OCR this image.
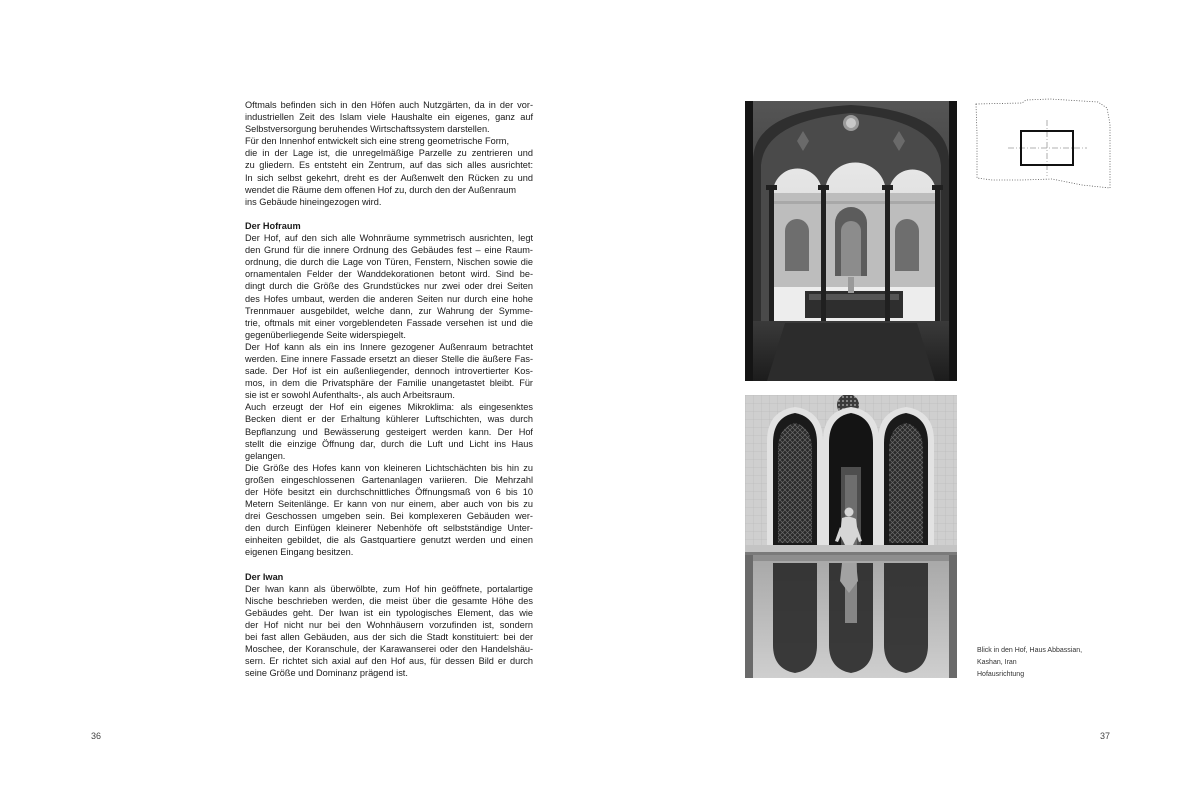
Oftmals befinden sich in den Höfen auch Nutzgärten, da in der vor-
industriellen Zeit des Islam viele Haushalte ein eigenes, ganz auf
Selbstversorgung beruhendes Wirtschaftssystem darstellen.
Für den Innenhof entwickelt sich eine streng geometrische Form,
die in der Lage ist, die unregelmäßige Parzelle zu zentrieren und
zu gliedern. Es entsteht ein Zentrum, auf das sich alles ausrichtet:
In sich selbst gekehrt, dreht es der Außenwelt den Rücken zu und
wendet die Räume dem offenen Hof zu, durch den der Außenraum
ins Gebäude hineingezogen wird.
Der Hofraum
Der Hof, auf den sich alle Wohnräume symmetrisch ausrichten, legt
den Grund für die innere Ordnung des Gebäudes fest – eine Raum-
ordnung, die durch die Lage von Türen, Fenstern, Nischen sowie die
ornamentalen Felder der Wanddekorationen betont wird. Sind be-
dingt durch die Größe des Grundstückes nur zwei oder drei Seiten
des Hofes umbaut, werden die anderen Seiten nur durch eine hohe
Trennmauer ausgebildet, welche dann, zur Wahrung der Symme-
trie, oftmals mit einer vorgeblendeten Fassade versehen ist und die
gegenüberliegende Seite widerspiegelt.
Der Hof kann als ein ins Innere gezogener Außenraum betrachtet
werden. Eine innere Fassade ersetzt an dieser Stelle die äußere Fas-
sade. Der Hof ist ein außenliegender, dennoch introvertierter Kos-
mos, in dem die Privatsphäre der Familie unangetastet bleibt. Für
sie ist er sowohl Aufenthalts-, als auch Arbeitsraum.
Auch erzeugt der Hof ein eigenes Mikroklima: als eingesenktes
Becken dient er der Erhaltung kühlerer Luftschichten, was durch
Bepflanzung und Bewässerung gesteigert werden kann. Der Hof
stellt die einzige Öffnung dar, durch die Luft und Licht ins Haus
gelangen.
Die Größe des Hofes kann von kleineren Lichtschächten bis hin zu
großen eingeschlossenen Gartenanlagen variieren. Die Mehrzahl
der Höfe besitzt ein durchschnittliches Öffnungsmaß von 6 bis 10
Metern Seitenlänge. Er kann von nur einem, aber auch von bis zu
drei Geschossen umgeben sein. Bei komplexeren Gebäuden wer-
den durch Einfügen kleinerer Nebenhöfe oft selbstständige Unter-
einheiten gebildet, die als Gastquartiere genutzt werden und einen
eigenen Eingang besitzen.
Der Iwan
Der Iwan kann als überwölbte, zum Hof hin geöffnete, portalartige
Nische beschrieben werden, die meist über die gesamte Höhe des
Gebäudes geht. Der Iwan ist ein typologisches Element, das wie
der Hof nicht nur bei den Wohnhäusern vorzufinden ist, sondern
bei fast allen Gebäuden, aus der sich die Stadt konstituiert: bei der
Moschee, der Koranschule, der Karawanserei oder den Handelshäu-
sern. Er richtet sich axial auf den Hof aus, für dessen Bild er durch
seine Größe und Dominanz prägend ist.
36	37
Blick in den Hof, Haus Abbassian,
Kashan, Iran
Hofausrichtung
